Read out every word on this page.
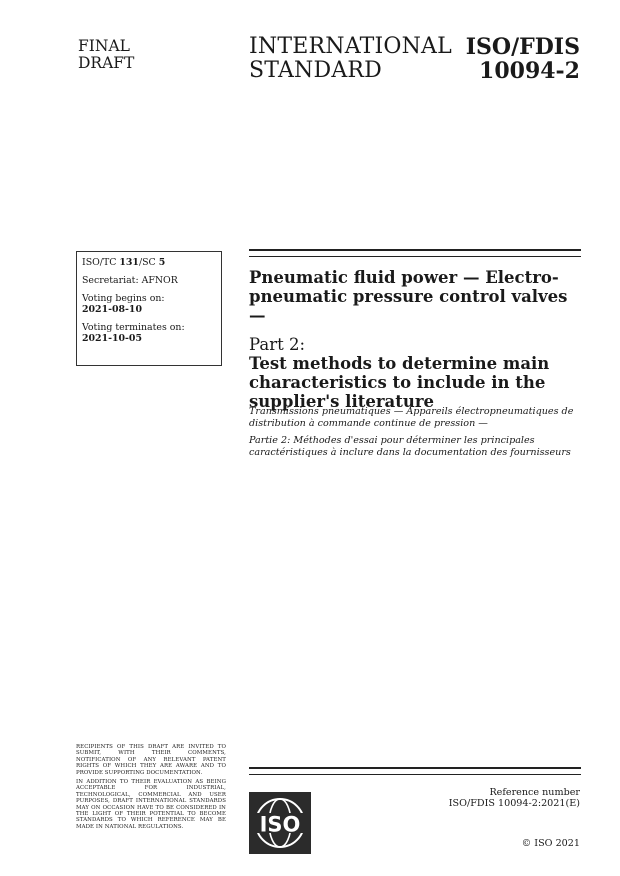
FINAL
DRAFT
INTERNATIONAL
STANDARD
ISO/FDIS
10094-2

ISO/TC 131/SC 5

Secretariat: AFNOR

Voting begins on:
2021-08-10

Voting terminates on:
2021-10-05

Pneumatic fluid power — Electro-pneumatic pressure control valves —

Part 2:

Test methods to determine main characteristics to include in the supplier's literature

Transmissions pneumatiques — Appareils électropneumatiques de distribution à commande continue de pression —

Partie 2: Méthodes d'essai pour déterminer les principales caractéristiques à inclure dans la documentation des fournisseurs

RECIPIENTS OF THIS DRAFT ARE INVITED TO SUBMIT, WITH THEIR COMMENTS, NOTIFICATION OF ANY RELEVANT PATENT RIGHTS OF WHICH THEY ARE AWARE AND TO PROVIDE SUPPORTING DOCUMENTATION.

IN ADDITION TO THEIR EVALUATION AS BEING ACCEPTABLE FOR INDUSTRIAL, TECHNOLOGICAL, COMMERCIAL AND USER PURPOSES, DRAFT INTERNATIONAL STANDARDS MAY ON OCCASION HAVE TO BE CONSIDERED IN THE LIGHT OF THEIR POTENTIAL TO BECOME STANDARDS TO WHICH REFERENCE MAY BE MADE IN NATIONAL REGULATIONS.	ISO
Reference number
ISO/FDIS 10094-2:2021(E)
© ISO 2021
